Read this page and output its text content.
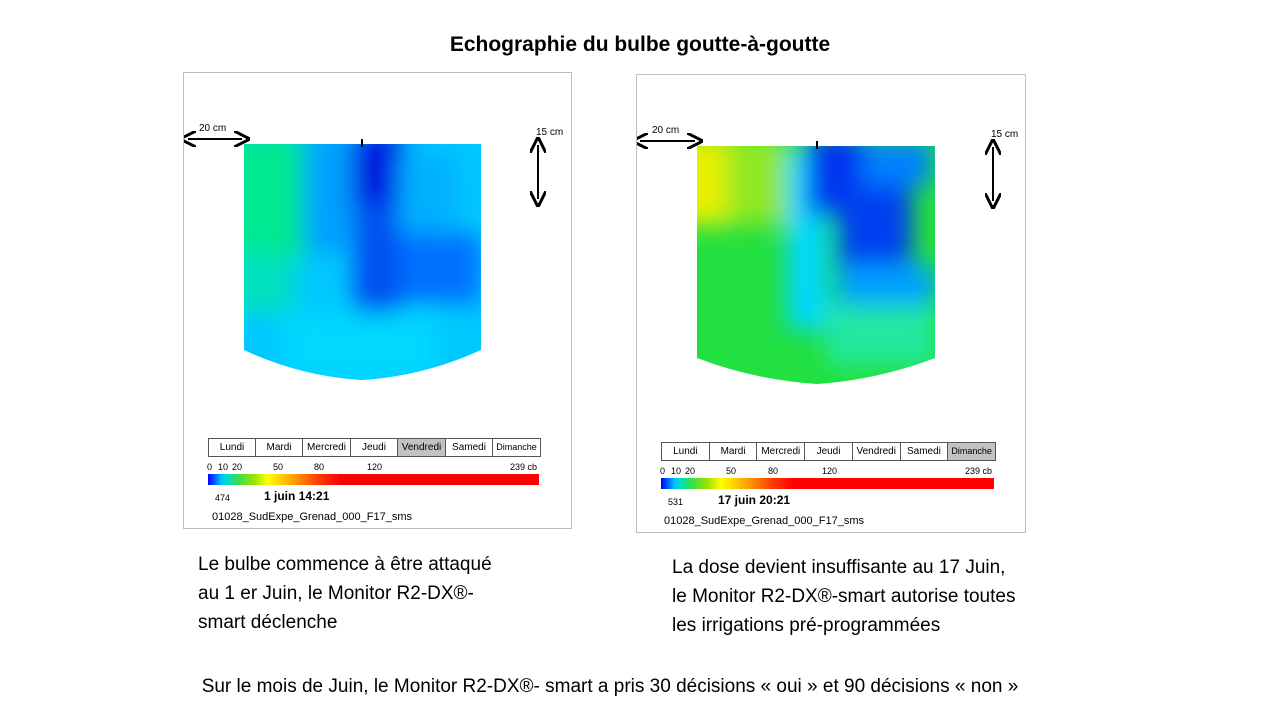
Echographie du bulbe goutte-à-goutte
20 cm	15 cm
Lundi	Mardi	Mercredi	Jeudi	Vendredi	Samedi	Dimanche
0 10 20	50	80	120	239 cb
474	1 juin 14:21
01028_SudExpe_Grenad_000_F17_sms
20 cm	15 cm
Lundi	Mardi	Mercredi	Jeudi	Vendredi	Samedi	Dimanche
0 10 20	50	80	120	239 cb
531	17 juin 20:21
01028_SudExpe_Grenad_000_F17_sms
Le bulbe commence à être attaqué
au 1 er Juin, le Monitor R2-DX®-
smart déclenche
La dose devient insuffisante au 17 Juin,
le Monitor R2-DX®-smart autorise toutes
les irrigations pré-programmées
Sur le mois de Juin, le Monitor R2-DX®- smart a pris 30 décisions « oui » et 90 décisions « non »
